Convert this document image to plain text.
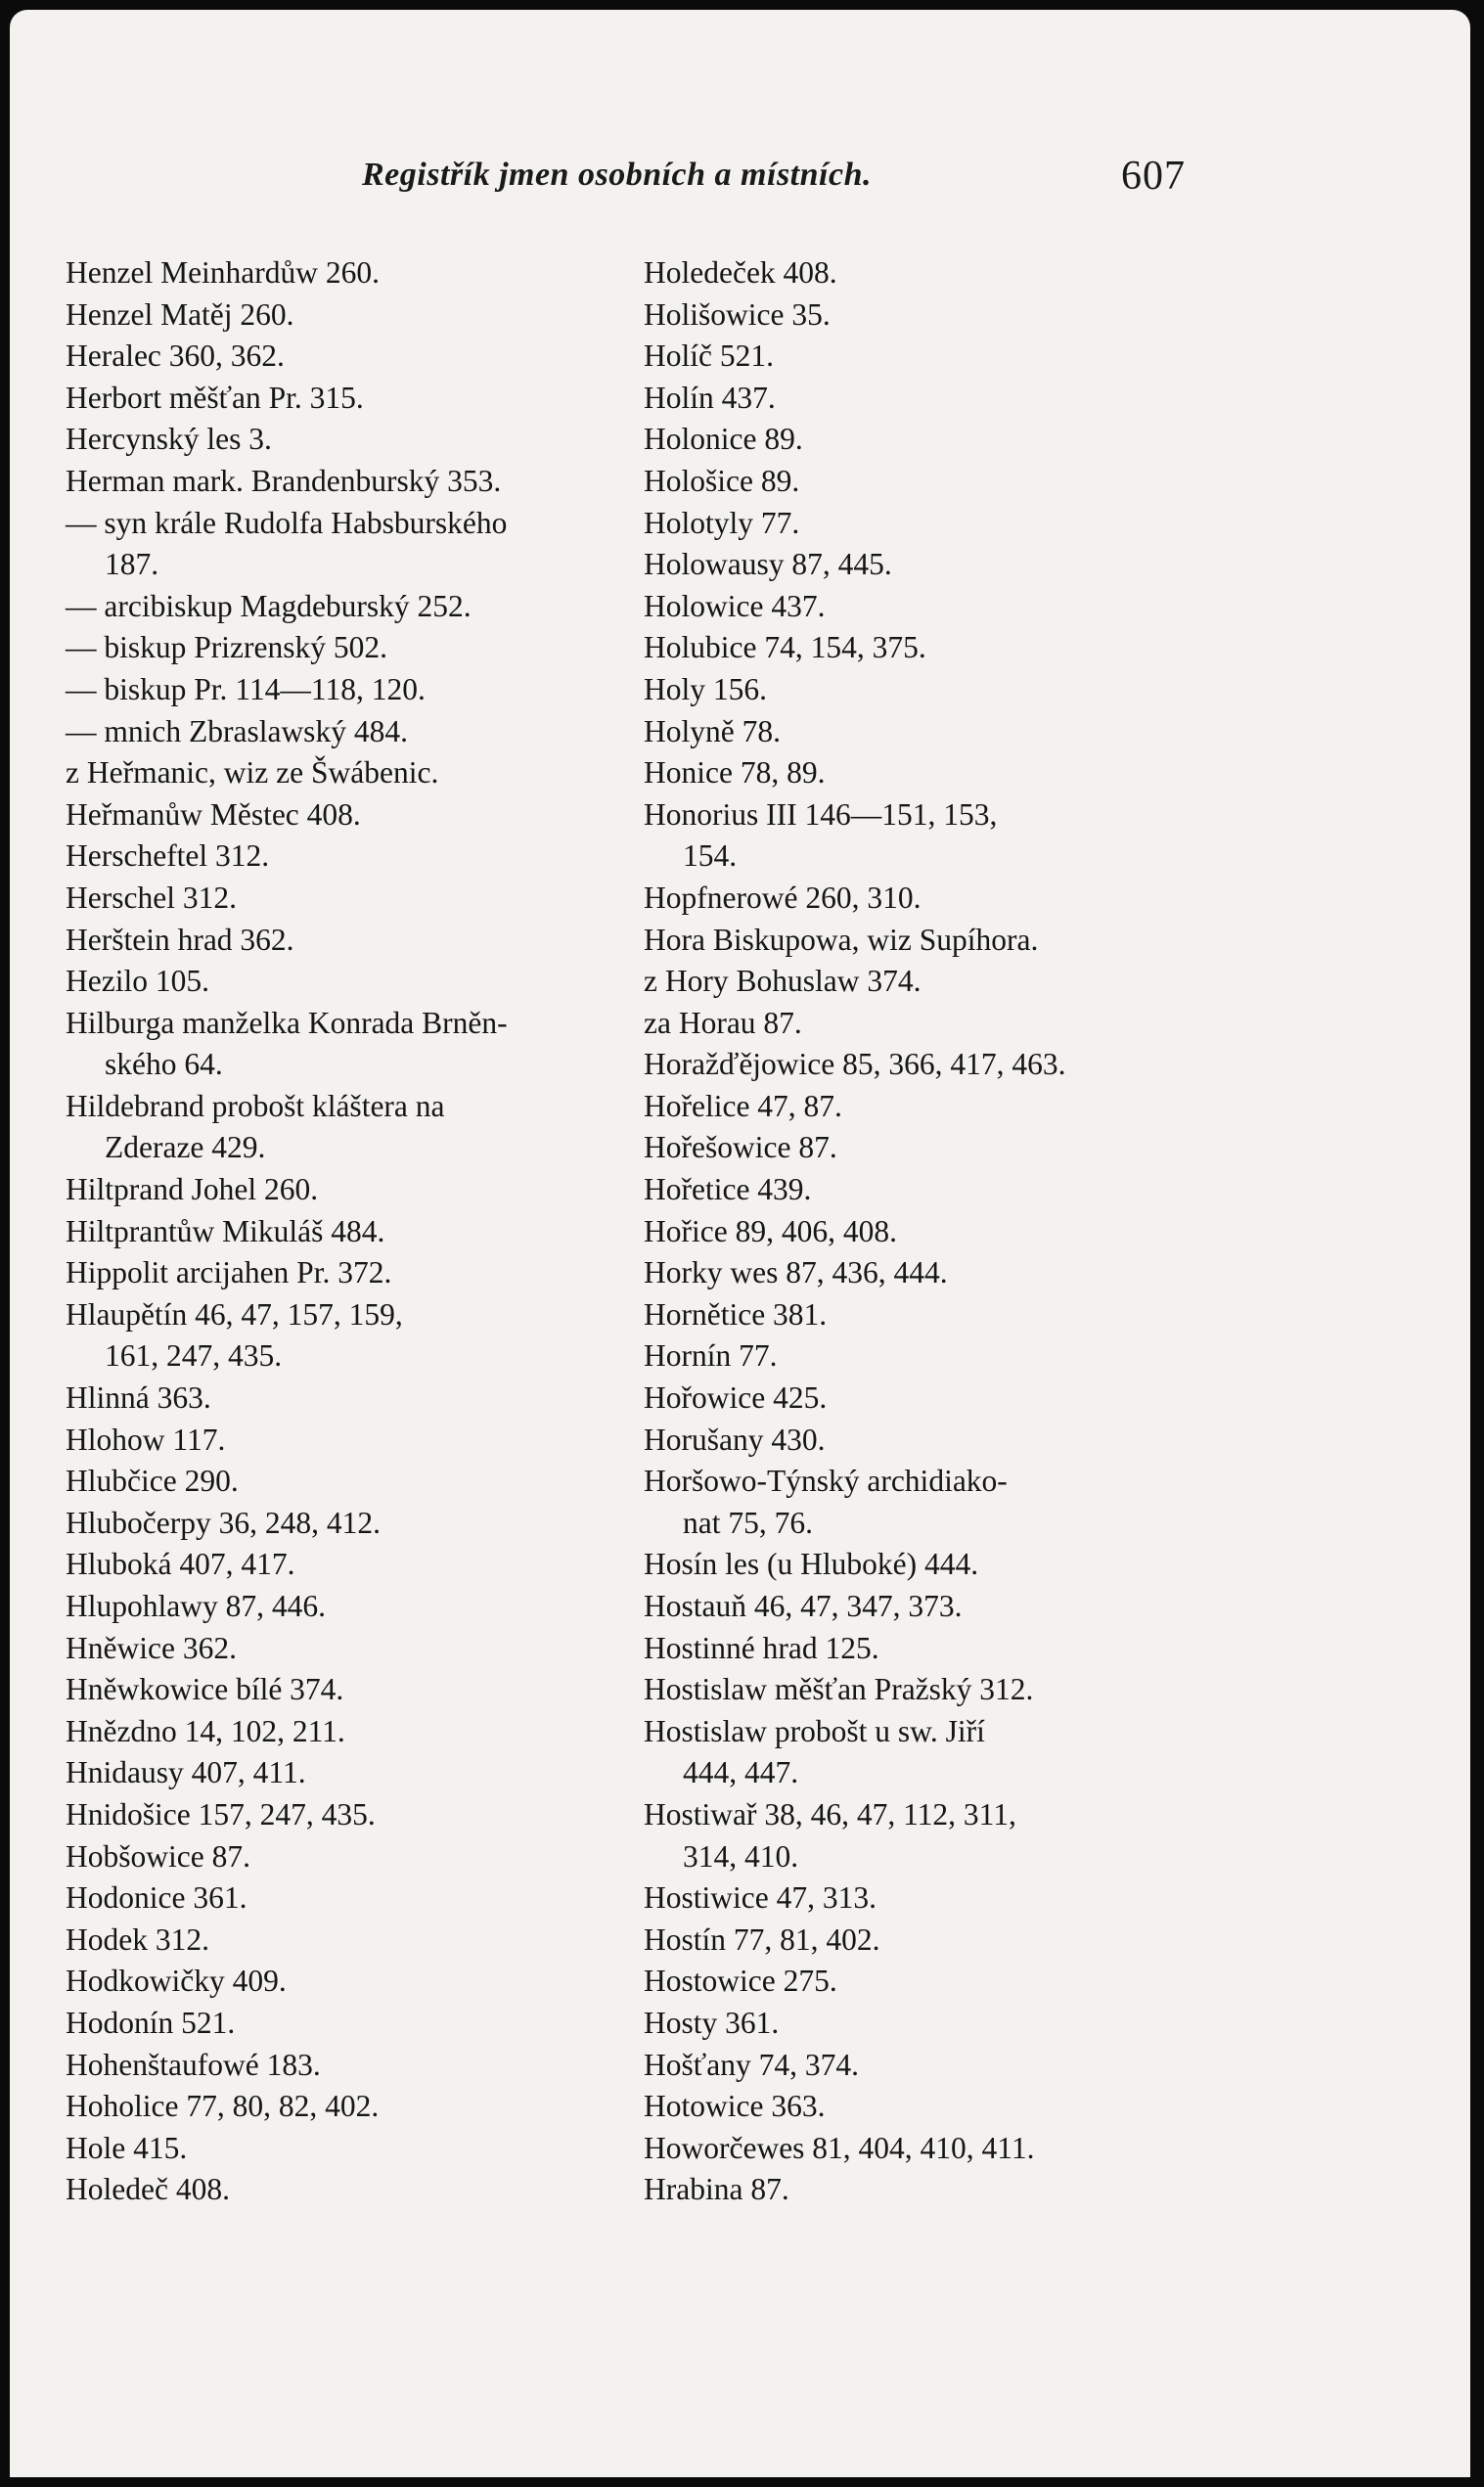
Registřík jmen osobních a místních.	607
Henzel Meinhardůw 260.
Henzel Matěj 260.
Heralec 360, 362.
Herbort měšťan Pr. 315.
Hercynský les 3.
Herman mark. Brandenburský 353.
— syn krále Rudolfa Habsburského
187.
— arcibiskup Magdeburský 252.
— biskup Prizrenský 502.
— biskup Pr. 114—118, 120.
— mnich Zbraslawský 484.
z Heřmanic, wiz ze Šwábenic.
Heřmanůw Městec 408.
Herscheftel 312.
Herschel 312.
Herštein hrad 362.
Hezilo 105.
Hilburga manželka Konrada Brněn-
ského 64.
Hildebrand probošt kláštera na
Zderaze 429.
Hiltprand Johel 260.
Hiltprantůw Mikuláš 484.
Hippolit arcijahen Pr. 372.
Hlaupětín 46, 47, 157, 159,
161, 247, 435.
Hlinná 363.
Hlohow 117.
Hlubčice 290.
Hlubočerpy 36, 248, 412.
Hluboká 407, 417.
Hlupohlawy 87, 446.
Hněwice 362.
Hněwkowice bílé 374.
Hnězdno 14, 102, 211.
Hnidausy 407, 411.
Hnidošice 157, 247, 435.
Hobšowice 87.
Hodonice 361.
Hodek 312.
Hodkowičky 409.
Hodonín 521.
Hohenštaufowé 183.
Hoholice 77, 80, 82, 402.
Hole 415.
Holedeč 408.
Holedeček 408.
Holišowice 35.
Holíč 521.
Holín 437.
Holonice 89.
Hološice 89.
Holotyly 77.
Holowausy 87, 445.
Holowice 437.
Holubice 74, 154, 375.
Holy 156.
Holyně 78.
Honice 78, 89.
Honorius III 146—151, 153,
154.
Hopfnerowé 260, 310.
Hora Biskupowa, wiz Supíhora.
z Hory Bohuslaw 374.
za Horau 87.
Horažďějowice 85, 366, 417, 463.
Hořelice 47, 87.
Hořešowice 87.
Hořetice 439.
Hořice 89, 406, 408.
Horky wes 87, 436, 444.
Hornětice 381.
Hornín 77.
Hořowice 425.
Horušany 430.
Horšowo-Týnský archidiako-
nat 75, 76.
Hosín les (u Hluboké) 444.
Hostauň 46, 47, 347, 373.
Hostinné hrad 125.
Hostislaw měšťan Pražský 312.
Hostislaw probošt u sw. Jiří
444, 447.
Hostiwař 38, 46, 47, 112, 311,
314, 410.
Hostiwice 47, 313.
Hostín 77, 81, 402.
Hostowice 275.
Hosty 361.
Hošťany 74, 374.
Hotowice 363.
Howorčewes 81, 404, 410, 411.
Hrabina 87.
